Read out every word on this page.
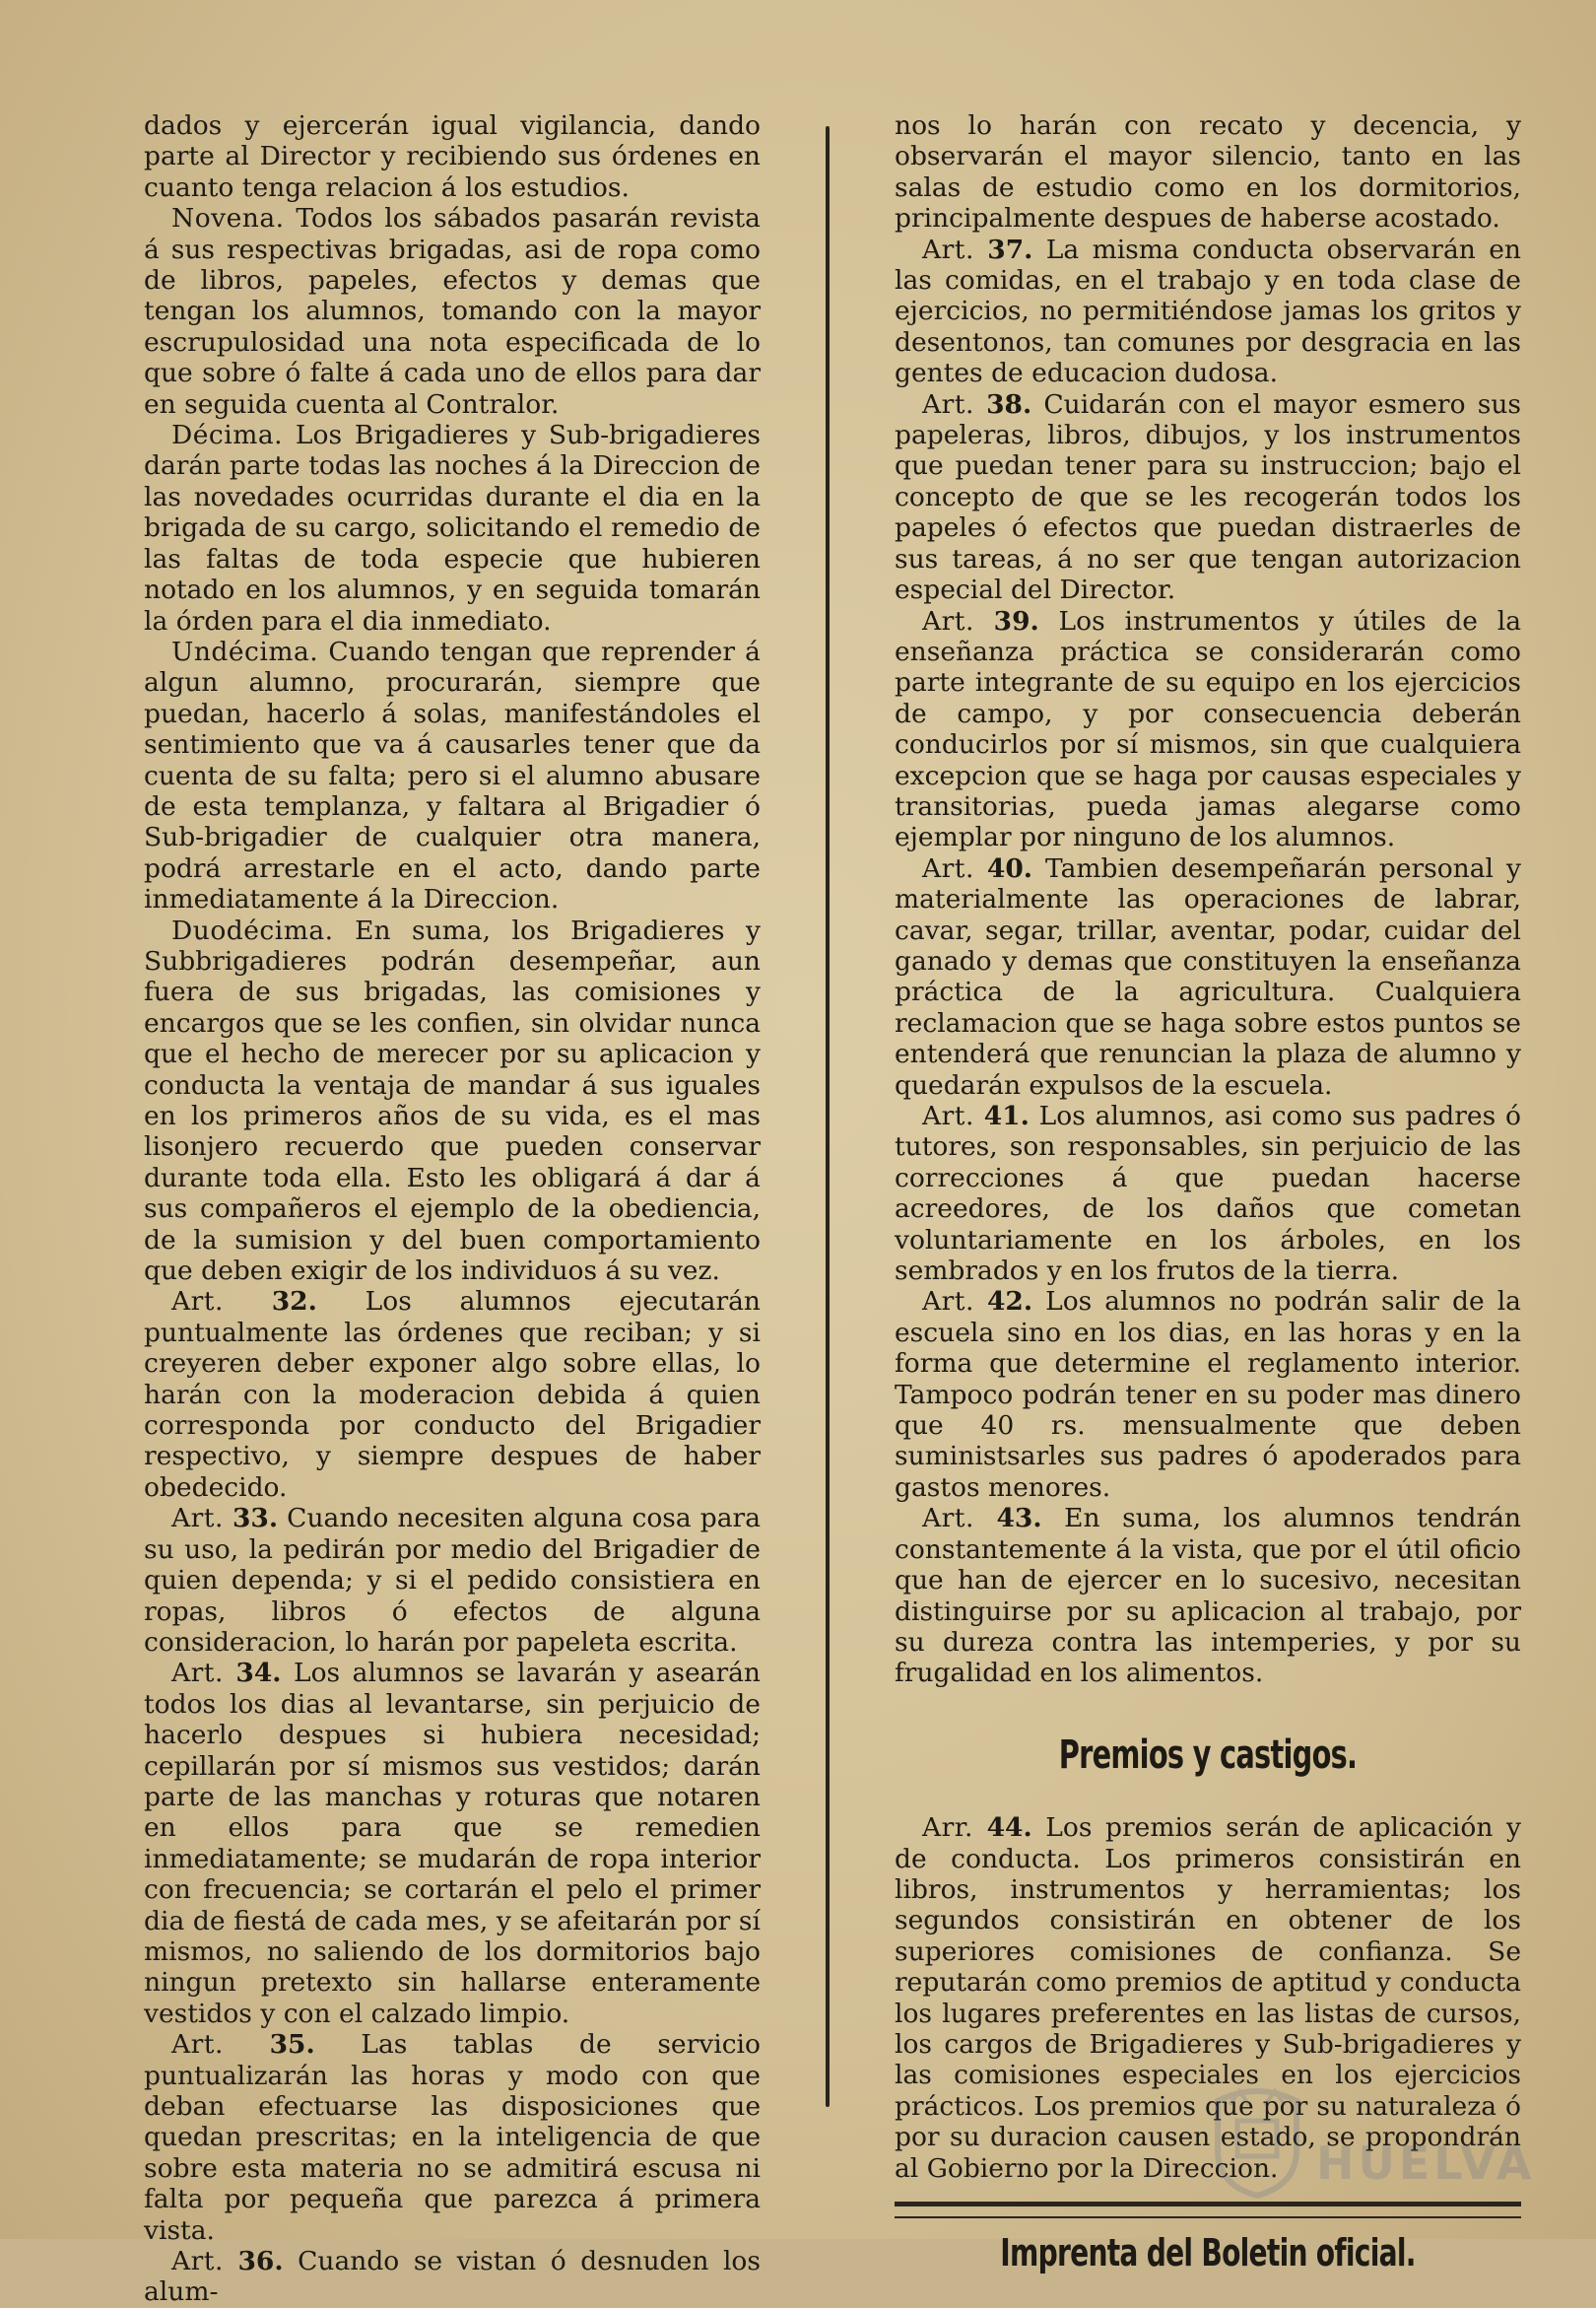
dados y ejercerán igual vigilancia, dando parte al Director y recibiendo sus órdenes en cuanto tenga relacion á los estudios.

Novena. Todos los sábados pasarán revista á sus respectivas brigadas, asi de ropa como de libros, papeles, efectos y demas que tengan los alumnos, tomando con la mayor escrupulosidad una nota especificada de lo que sobre ó falte á cada uno de ellos para dar en seguida cuenta al Contralor.

Décima. Los Brigadieres y Sub-brigadieres darán parte todas las noches á la Direccion de las novedades ocurridas durante el dia en la brigada de su cargo, solicitando el remedio de las faltas de toda especie que hubieren notado en los alumnos, y en seguida tomarán la órden para el dia inmediato.

Undécima. Cuando tengan que reprender á algun alumno, procurarán, siempre que puedan, hacerlo á solas, manifestándoles el sentimiento que va á causarles tener que da cuenta de su falta; pero si el alumno abusare de esta templanza, y faltara al Brigadier ó Sub-brigadier de cualquier otra manera, podrá arrestarle en el acto, dando parte inmediatamente á la Direccion.

Duodécima. En suma, los Brigadieres y Subbrigadieres podrán desempeñar, aun fuera de sus brigadas, las comisiones y encargos que se les confien, sin olvidar nunca que el hecho de merecer por su aplicacion y conducta la ventaja de mandar á sus iguales en los primeros años de su vida, es el mas lisonjero recuerdo que pueden conservar durante toda ella. Esto les obligará á dar á sus compañeros el ejemplo de la obediencia, de la sumision y del buen comportamiento que deben exigir de los individuos á su vez.

Art. 32. Los alumnos ejecutarán puntualmente las órdenes que reciban; y si creyeren deber exponer algo sobre ellas, lo harán con la moderacion debida á quien corresponda por conducto del Brigadier respectivo, y siempre despues de haber obedecido.

Art. 33. Cuando necesiten alguna cosa para su uso, la pedirán por medio del Brigadier de quien dependa; y si el pedido consistiera en ropas, libros ó efectos de alguna consideracion, lo harán por papeleta escrita.

Art. 34. Los alumnos se lavarán y asearán todos los dias al levantarse, sin perjuicio de hacerlo despues si hubiera necesidad; cepillarán por sí mismos sus vestidos; darán parte de las manchas y roturas que notaren en ellos para que se remedien inmediatamente; se mudarán de ropa interior con frecuencia; se cortarán el pelo el primer dia de fiestá de cada mes, y se afeitarán por sí mismos, no saliendo de los dormitorios bajo ningun pretexto sin hallarse enteramente vestidos y con el calzado limpio.

Art. 35. Las tablas de servicio puntualizarán las horas y modo con que deban efectuarse las disposiciones que quedan prescritas; en la inteligencia de que sobre esta materia no se admitirá escusa ni falta por pequeña que parezca á primera vista.

Art. 36. Cuando se vistan ó desnuden los alum-

nos lo harán con recato y decencia, y observarán el mayor silencio, tanto en las salas de estudio como en los dormitorios, principalmente despues de haberse acostado.

Art. 37. La misma conducta observarán en las comidas, en el trabajo y en toda clase de ejercicios, no permitiéndose jamas los gritos y desentonos, tan comunes por desgracia en las gentes de educacion dudosa.

Art. 38. Cuidarán con el mayor esmero sus papeleras, libros, dibujos, y los instrumentos que puedan tener para su instruccion; bajo el concepto de que se les recogerán todos los papeles ó efectos que puedan distraerles de sus tareas, á no ser que tengan autorizacion especial del Director.

Art. 39. Los instrumentos y útiles de la enseñanza práctica se considerarán como parte integrante de su equipo en los ejercicios de campo, y por consecuencia deberán conducirlos por sí mismos, sin que cualquiera excepcion que se haga por causas especiales y transitorias, pueda jamas alegarse como ejemplar por ninguno de los alumnos.

Art. 40. Tambien desempeñarán personal y materialmente las operaciones de labrar, cavar, segar, trillar, aventar, podar, cuidar del ganado y demas que constituyen la enseñanza práctica de la agricultura. Cualquiera reclamacion que se haga sobre estos puntos se entenderá que renuncian la plaza de alumno y quedarán expulsos de la escuela.

Art. 41. Los alumnos, asi como sus padres ó tutores, son responsables, sin perjuicio de las correcciones á que puedan hacerse acreedores, de los daños que cometan voluntariamente en los árboles, en los sembrados y en los frutos de la tierra.

Art. 42. Los alumnos no podrán salir de la escuela sino en los dias, en las horas y en la forma que determine el reglamento interior. Tampoco podrán tener en su poder mas dinero que 40 rs. mensualmente que deben suministsarles sus padres ó apoderados para gastos menores.

Art. 43. En suma, los alumnos tendrán constantemente á la vista, que por el útil oficio que han de ejercer en lo sucesivo, necesitan distinguirse por su aplicacion al trabajo, por su dureza contra las intemperies, y por su frugalidad en los alimentos.

Premios y castigos.

Arr. 44. Los premios serán de aplicación y de conducta. Los primeros consistirán en libros, instrumentos y herramientas; los segundos consistirán en obtener de los superiores comisiones de confianza. Se reputarán como premios de aptitud y conducta los lugares preferentes en las listas de cursos, los cargos de Brigadieres y Sub-brigadieres y las comisiones especiales en los ejercicios prácticos. Los premios que por su naturaleza ó por su duracion causen estado, se propondrán al Gobierno por la Direccion.

Imprenta del Boletin oficial.
HUELVA
